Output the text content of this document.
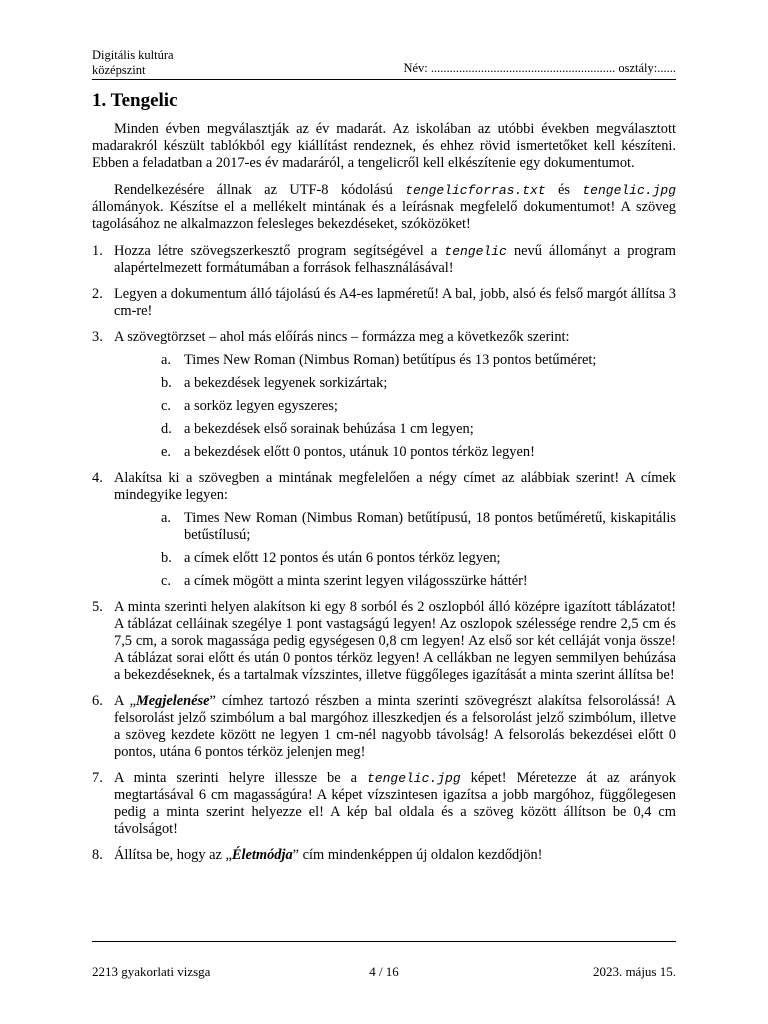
Digitális kultúra
középszint	Név: ........................................................... osztály:......
1. Tengelic

Minden évben megválasztják az év madarát. Az iskolában az utóbbi években megválasztott madarakról készült tablókból egy kiállítást rendeznek, és ehhez rövid ismertetőket kell készíteni. Ebben a feladatban a 2017-es év madaráról, a tengelicről kell elkészítenie egy dokumentumot.

Rendelkezésére állnak az UTF-8 kódolású tengelicforras.txt és tengelic.jpg állományok. Készítse el a mellékelt mintának és a leírásnak megfelelő dokumentumot! A szöveg tagolásához ne alkalmazzon felesleges bekezdéseket, szóközöket!

1. Hozza létre szövegszerkesztő program segítségével a tengelic nevű állományt a program alapértelmezett formátumában a források felhasználásával!
2. Legyen a dokumentum álló tájolású és A4-es lapméretű! A bal, jobb, alsó és felső margót állítsa 3 cm-re!
3. A szövegtörzset – ahol más előírás nincs – formázza meg a következők szerint:
a. Times New Roman (Nimbus Roman) betűtípus és 13 pontos betűméret;
b. a bekezdések legyenek sorkizártak;
c. a sorköz legyen egyszeres;
d. a bekezdések első sorainak behúzása 1 cm legyen;
e. a bekezdések előtt 0 pontos, utánuk 10 pontos térköz legyen!
4. Alakítsa ki a szövegben a mintának megfelelően a négy címet az alábbiak szerint! A címek mindegyike legyen:
a. Times New Roman (Nimbus Roman) betűtípusú, 18 pontos betűméretű, kiskapitális betűstílusú;
b. a címek előtt 12 pontos és után 6 pontos térköz legyen;
c. a címek mögött a minta szerint legyen világosszürke háttér!
5. A minta szerinti helyen alakítson ki egy 8 sorból és 2 oszlopból álló középre igazított táblázatot! A táblázat celláinak szegélye 1 pont vastagságú legyen! Az oszlopok szélessége rendre 2,5 cm és 7,5 cm, a sorok magassága pedig egységesen 0,8 cm legyen! Az első sor két celláját vonja össze! A táblázat sorai előtt és után 0 pontos térköz legyen! A cellákban ne legyen semmilyen behúzása a bekezdéseknek, és a tartalmak vízszintes, illetve függőleges igazítását a minta szerint állítsa be!
6. A „Megjelenése” címhez tartozó részben a minta szerinti szövegrészt alakítsa felsorolássá! A felsorolást jelző szimbólum a bal margóhoz illeszkedjen és a felsorolást jelző szimbólum, illetve a szöveg kezdete között ne legyen 1 cm-nél nagyobb távolság! A felsorolás bekezdései előtt 0 pontos, utána 6 pontos térköz jelenjen meg!
7. A minta szerinti helyre illessze be a tengelic.jpg képet! Méretezze át az arányok megtartásával 6 cm magasságúra! A képet vízszintesen igazítsa a jobb margóhoz, függőlegesen pedig a minta szerint helyezze el! A kép bal oldala és a szöveg között állítson be 0,4 cm távolságot!
8. Állítsa be, hogy az „Életmódja” cím mindenképpen új oldalon kezdődjön!
2213 gyakorlati vizsga	4 / 16	2023. május 15.
